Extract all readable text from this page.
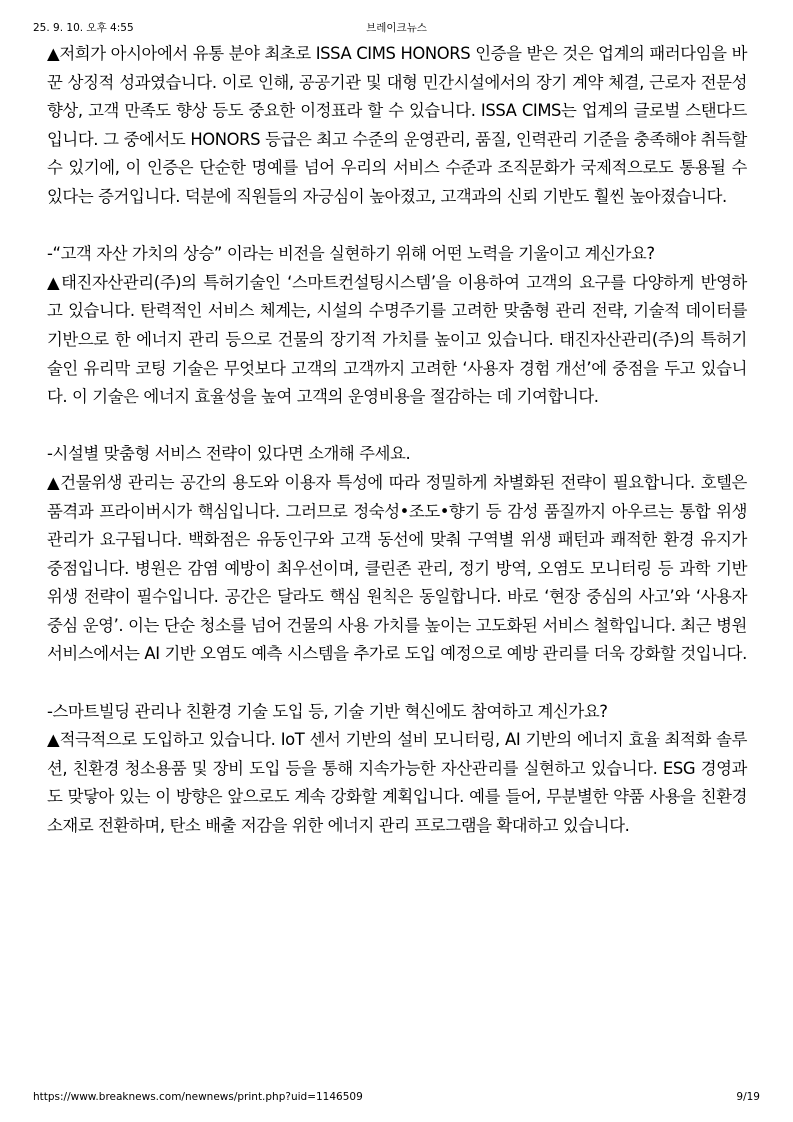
25. 9. 10. 오후 4:55	브레이크뉴스

▲저희가 아시아에서 유통 분야 최초로 ISSA CIMS HONORS 인증을 받은 것은 업계의 패러다임을 바꾼 상징적 성과였습니다. 이로 인해, 공공기관 및 대형 민간시설에서의 장기 계약 체결, 근로자 전문성향상, 고객 만족도 향상 등도 중요한 이정표라 할 수 있습니다. ISSA CIMS는 업계의 글로벌 스탠다드입니다. 그 중에서도 HONORS 등급은 최고 수준의 운영관리, 품질, 인력관리 기준을 충족해야 취득할 수 있기에, 이 인증은 단순한 명예를 넘어 우리의 서비스 수준과 조직문화가 국제적으로도 통용될 수 있다는 증거입니다. 덕분에 직원들의 자긍심이 높아졌고, 고객과의 신뢰 기반도 훨씬 높아졌습니다.

-“고객 자산 가치의 상승” 이라는 비전을 실현하기 위해 어떤 노력을 기울이고 계신가요?

▲태진자산관리(주)의 특허기술인 ‘스마트컨설팅시스템’을 이용하여 고객의 요구를 다양하게 반영하고 있습니다. 탄력적인 서비스 체계는, 시설의 수명주기를 고려한 맞춤형 관리 전략, 기술적 데이터를 기반으로 한 에너지 관리 등으로 건물의 장기적 가치를 높이고 있습니다. 태진자산관리(주)의 특허기술인 유리막 코팅 기술은 무엇보다 고객의 고객까지 고려한 ‘사용자 경험 개선’에 중점을 두고 있습니다. 이 기술은 에너지 효율성을 높여 고객의 운영비용을 절감하는 데 기여합니다.

-시설별 맞춤형 서비스 전략이 있다면 소개해 주세요.

▲건물위생 관리는 공간의 용도와 이용자 특성에 따라 정밀하게 차별화된 전략이 필요합니다. 호텔은 품격과 프라이버시가 핵심입니다. 그러므로 정숙성•조도•향기 등 감성 품질까지 아우르는 통합 위생관리가 요구됩니다. 백화점은 유동인구와 고객 동선에 맞춰 구역별 위생 패턴과 쾌적한 환경 유지가 중점입니다. 병원은 감염 예방이 최우선이며, 클린존 관리, 정기 방역, 오염도 모니터링 등 과학 기반 위생 전략이 필수입니다. 공간은 달라도 핵심 원칙은 동일합니다. 바로 ‘현장 중심의 사고’와 ‘사용자 중심 운영’. 이는 단순 청소를 넘어 건물의 사용 가치를 높이는 고도화된 서비스 철학입니다. 최근 병원 서비스에서는 AI 기반 오염도 예측 시스템을 추가로 도입 예정으로 예방 관리를 더욱 강화할 것입니다.

-스마트빌딩 관리나 친환경 기술 도입 등, 기술 기반 혁신에도 참여하고 계신가요?

▲적극적으로 도입하고 있습니다. IoT 센서 기반의 설비 모니터링, AI 기반의 에너지 효율 최적화 솔루션, 친환경 청소용품 및 장비 도입 등을 통해 지속가능한 자산관리를 실현하고 있습니다. ESG 경영과도 맞닿아 있는 이 방향은 앞으로도 계속 강화할 계획입니다. 예를 들어, 무분별한 약품 사용을 친환경 소재로 전환하며, 탄소 배출 저감을 위한 에너지 관리 프로그램을 확대하고 있습니다.

https://www.breaknews.com/newnews/print.php?uid=1146509	9/19
